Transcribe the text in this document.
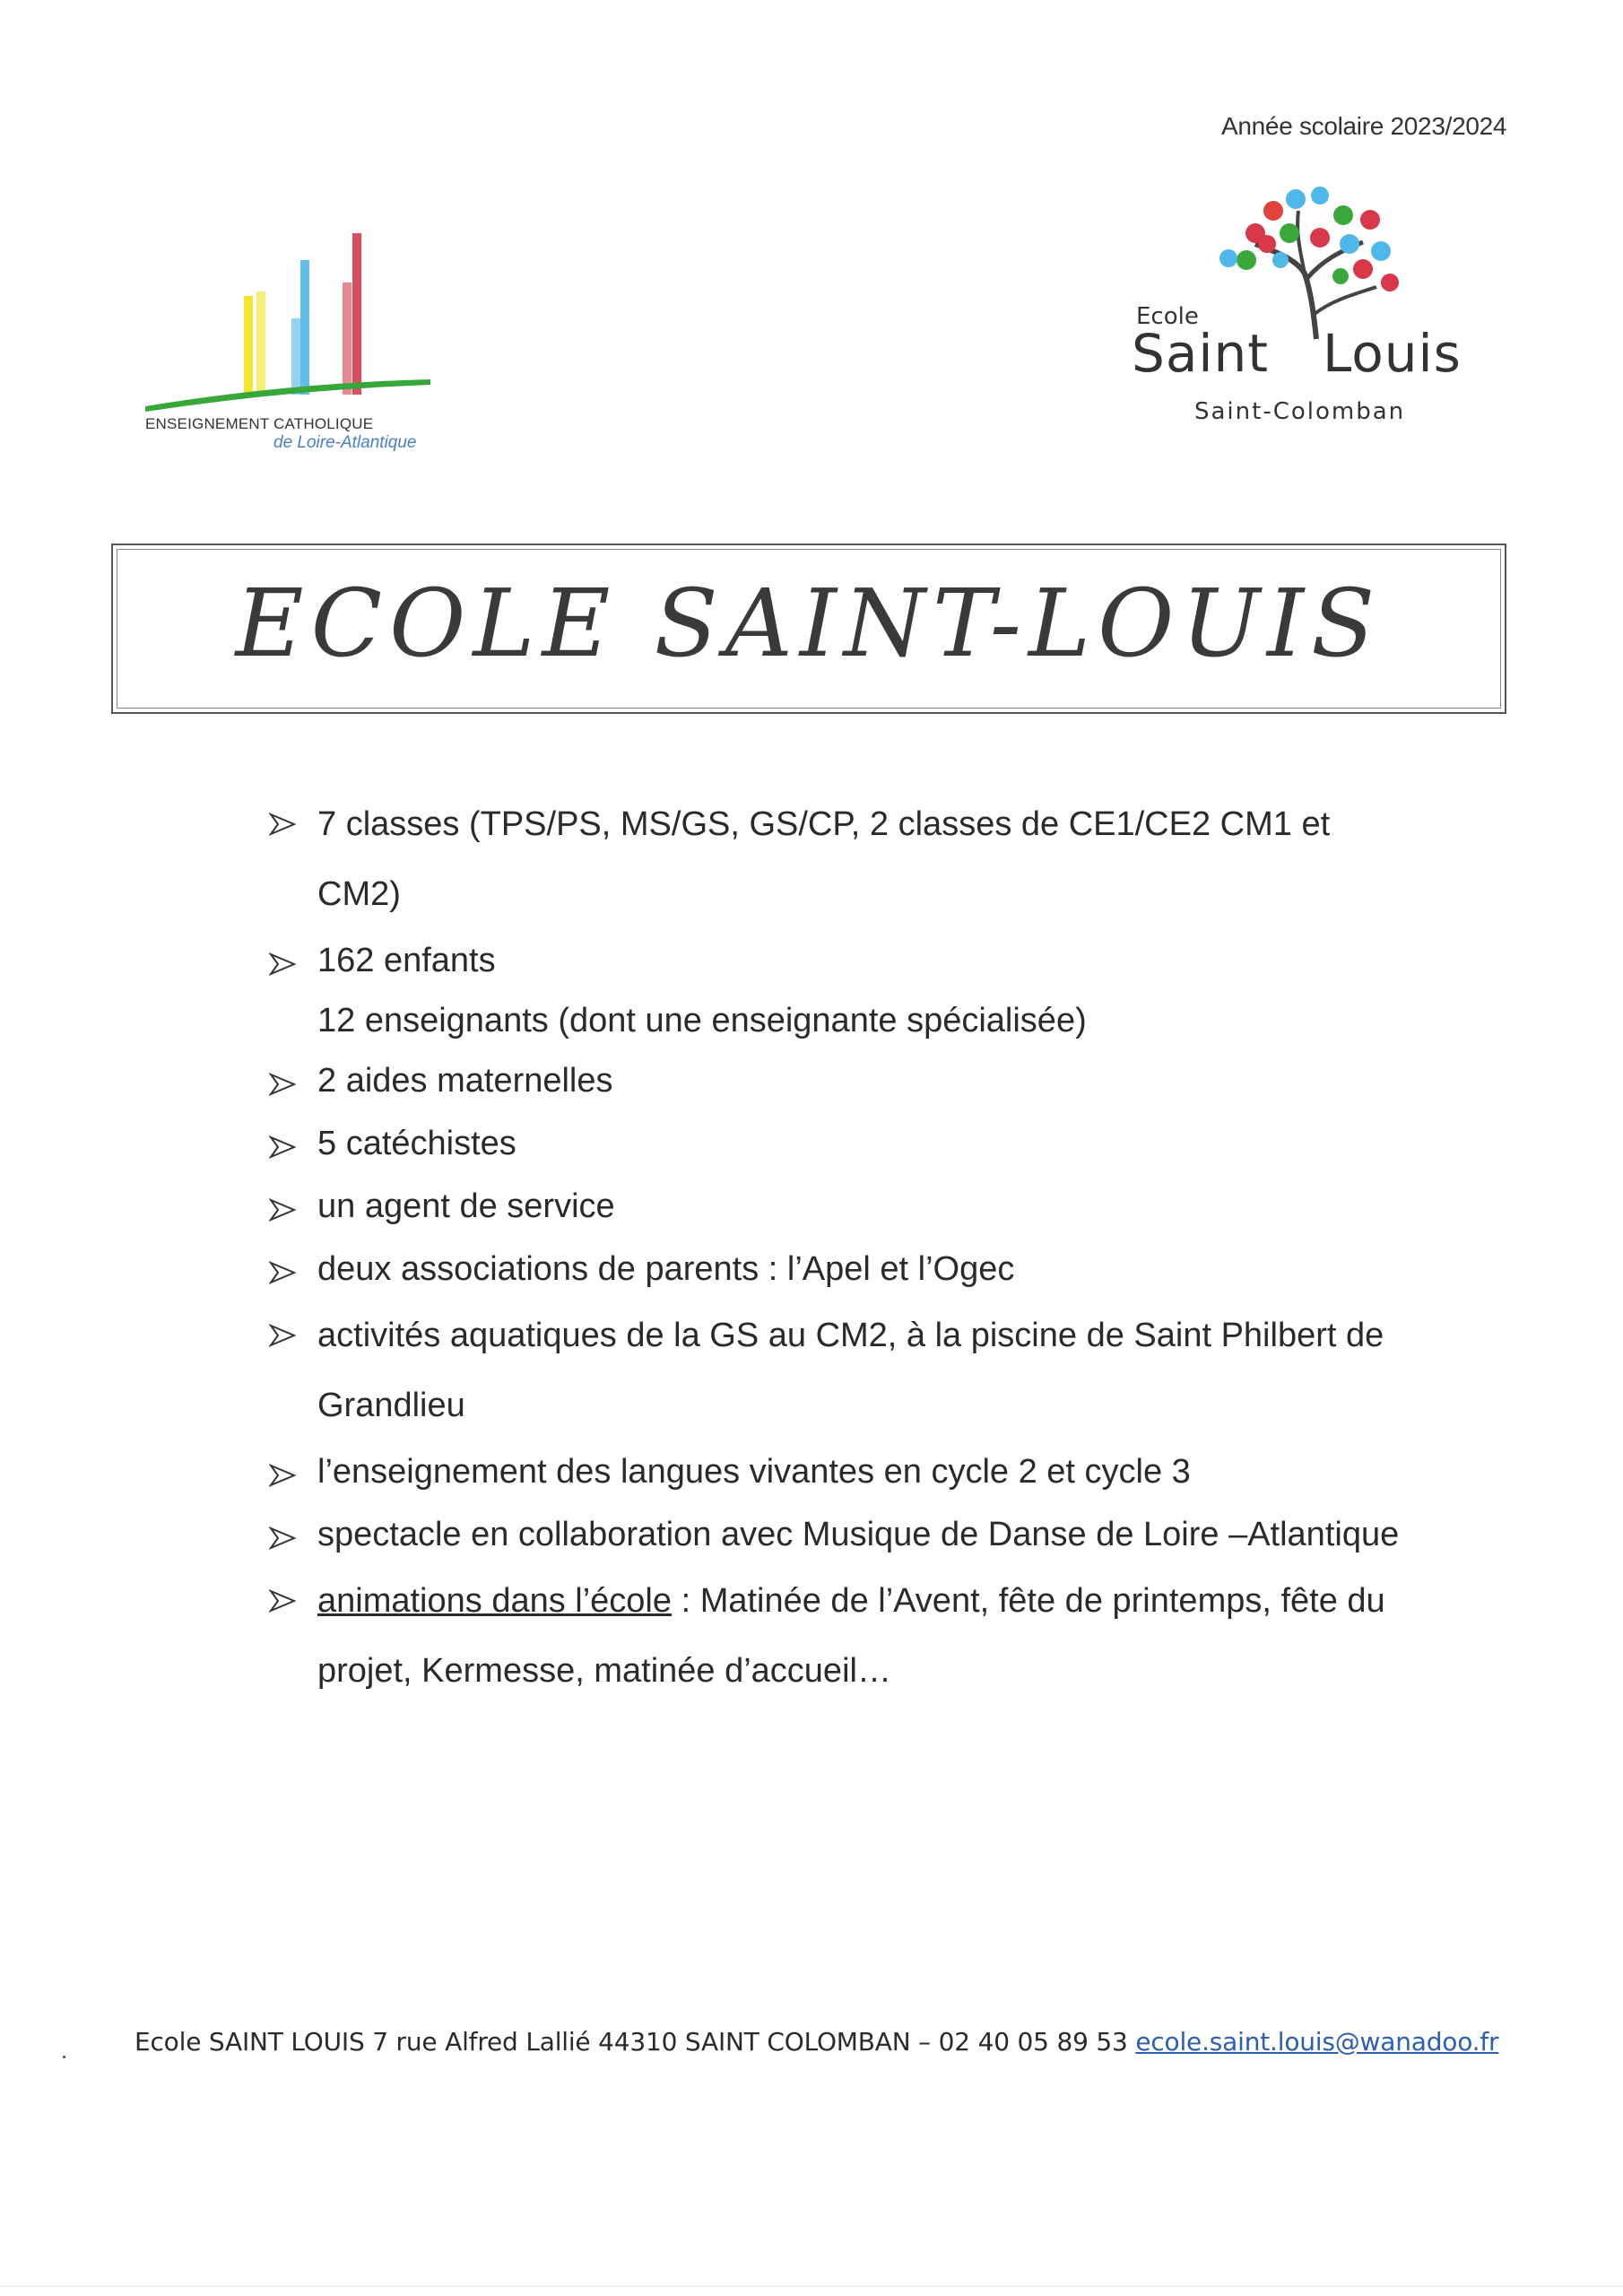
Année scolaire 2023/2024
ENSEIGNEMENT CATHOLIQUE
de Loire-Atlantique
Ecole
Saint Louis
Saint-Colomban
ECOLE SAINT-LOUIS
7 classes (TPS/PS, MS/GS, GS/CP, 2 classes de CE1/CE2 CM1 et
CM2)
162 enfants
12 enseignants (dont une enseignante spécialisée)
2 aides maternelles
5 catéchistes
un agent de service
deux associations de parents : l’Apel et l’Ogec
activités aquatiques de la GS au CM2, à la piscine de Saint Philbert de
Grandlieu
l’enseignement des langues vivantes en cycle 2 et cycle 3
spectacle en collaboration avec Musique de Danse de Loire –Atlantique
animations dans l’école : Matinée de l’Avent, fête de printemps, fête du
projet, Kermesse, matinée d’accueil…
Ecole SAINT LOUIS 7 rue Alfred Lallié 44310 SAINT COLOMBAN – 02 40 05 89 53 ecole.saint.louis@wanadoo.fr
